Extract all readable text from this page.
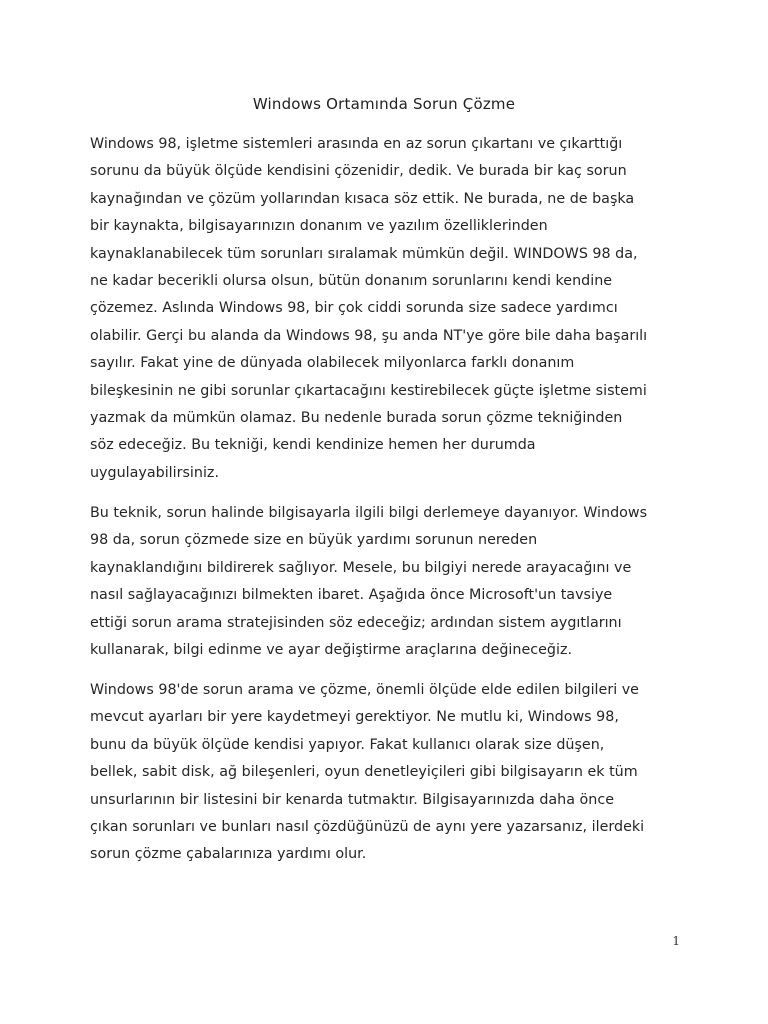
Windows Ortamında Sorun Çözme
Windows 98, işletme sistemleri arasında en az sorun çıkartanı ve çıkarttığı
sorunu da büyük ölçüde kendisini çözenidir, dedik. Ve burada bir kaç sorun
kaynağından ve çözüm yollarından kısaca söz ettik. Ne burada, ne de başka
bir kaynakta, bilgisayarınızın donanım ve yazılım özelliklerinden
kaynaklanabilecek tüm sorunları sıralamak mümkün değil. WINDOWS 98 da,
ne kadar becerikli olursa olsun, bütün donanım sorunlarını kendi kendine
çözemez. Aslında Windows 98, bir çok ciddi sorunda size sadece yardımcı
olabilir. Gerçi bu alanda da Windows 98, şu anda NT'ye göre bile daha başarılı
sayılır. Fakat yine de dünyada olabilecek milyonlarca farklı donanım
bileşkesinin ne gibi sorunlar çıkartacağını kestirebilecek güçte işletme sistemi
yazmak da mümkün olamaz. Bu nedenle burada sorun çözme tekniğinden
söz edeceğiz. Bu tekniği, kendi kendinize hemen her durumda
uygulayabilirsiniz.
Bu teknik, sorun halinde bilgisayarla ilgili bilgi derlemeye dayanıyor. Windows
98 da, sorun çözmede size en büyük yardımı sorunun nereden
kaynaklandığını bildirerek sağlıyor. Mesele, bu bilgiyi nerede arayacağını ve
nasıl sağlayacağınızı bilmekten ibaret. Aşağıda önce Microsoft'un tavsiye
ettiği sorun arama stratejisinden söz edeceğiz; ardından sistem aygıtlarını
kullanarak, bilgi edinme ve ayar değiştirme araçlarına değineceğiz.
Windows 98'de sorun arama ve çözme, önemli ölçüde elde edilen bilgileri ve
mevcut ayarları bir yere kaydetmeyi gerektiyor. Ne mutlu ki, Windows 98,
bunu da büyük ölçüde kendisi yapıyor. Fakat kullanıcı olarak size düşen,
bellek, sabit disk, ağ bileşenleri, oyun denetleyiçileri gibi bilgisayarın ek tüm
unsurlarının bir listesini bir kenarda tutmaktır. Bilgisayarınızda daha önce
çıkan sorunları ve bunları nasıl çözdüğünüzü de aynı yere yazarsanız, ilerdeki
sorun çözme çabalarınıza yardımı olur.
1
